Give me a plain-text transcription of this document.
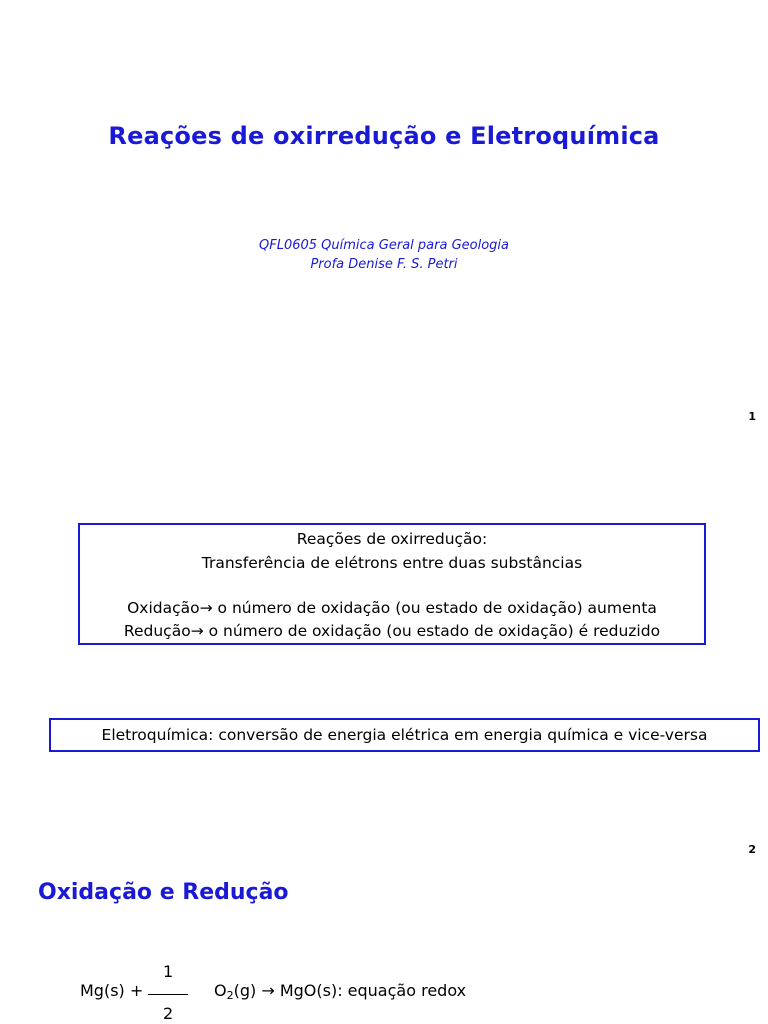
Reações de oxirredução e Eletroquímica
QFL0605 Química Geral para Geologia
Profa Denise F. S. Petri
1
Reações de oxirredução:
Transferência de elétrons entre duas substâncias
Oxidação→ o número de oxidação (ou estado de oxidação) aumenta
Redução→ o número de oxidação (ou estado de oxidação) é reduzido
Eletroquímica: conversão de energia elétrica em energia química e vice-versa
2
Oxidação e Redução
Mg(s) +
1
2
$O_2(g) \to MgO(s)$: equação redox
